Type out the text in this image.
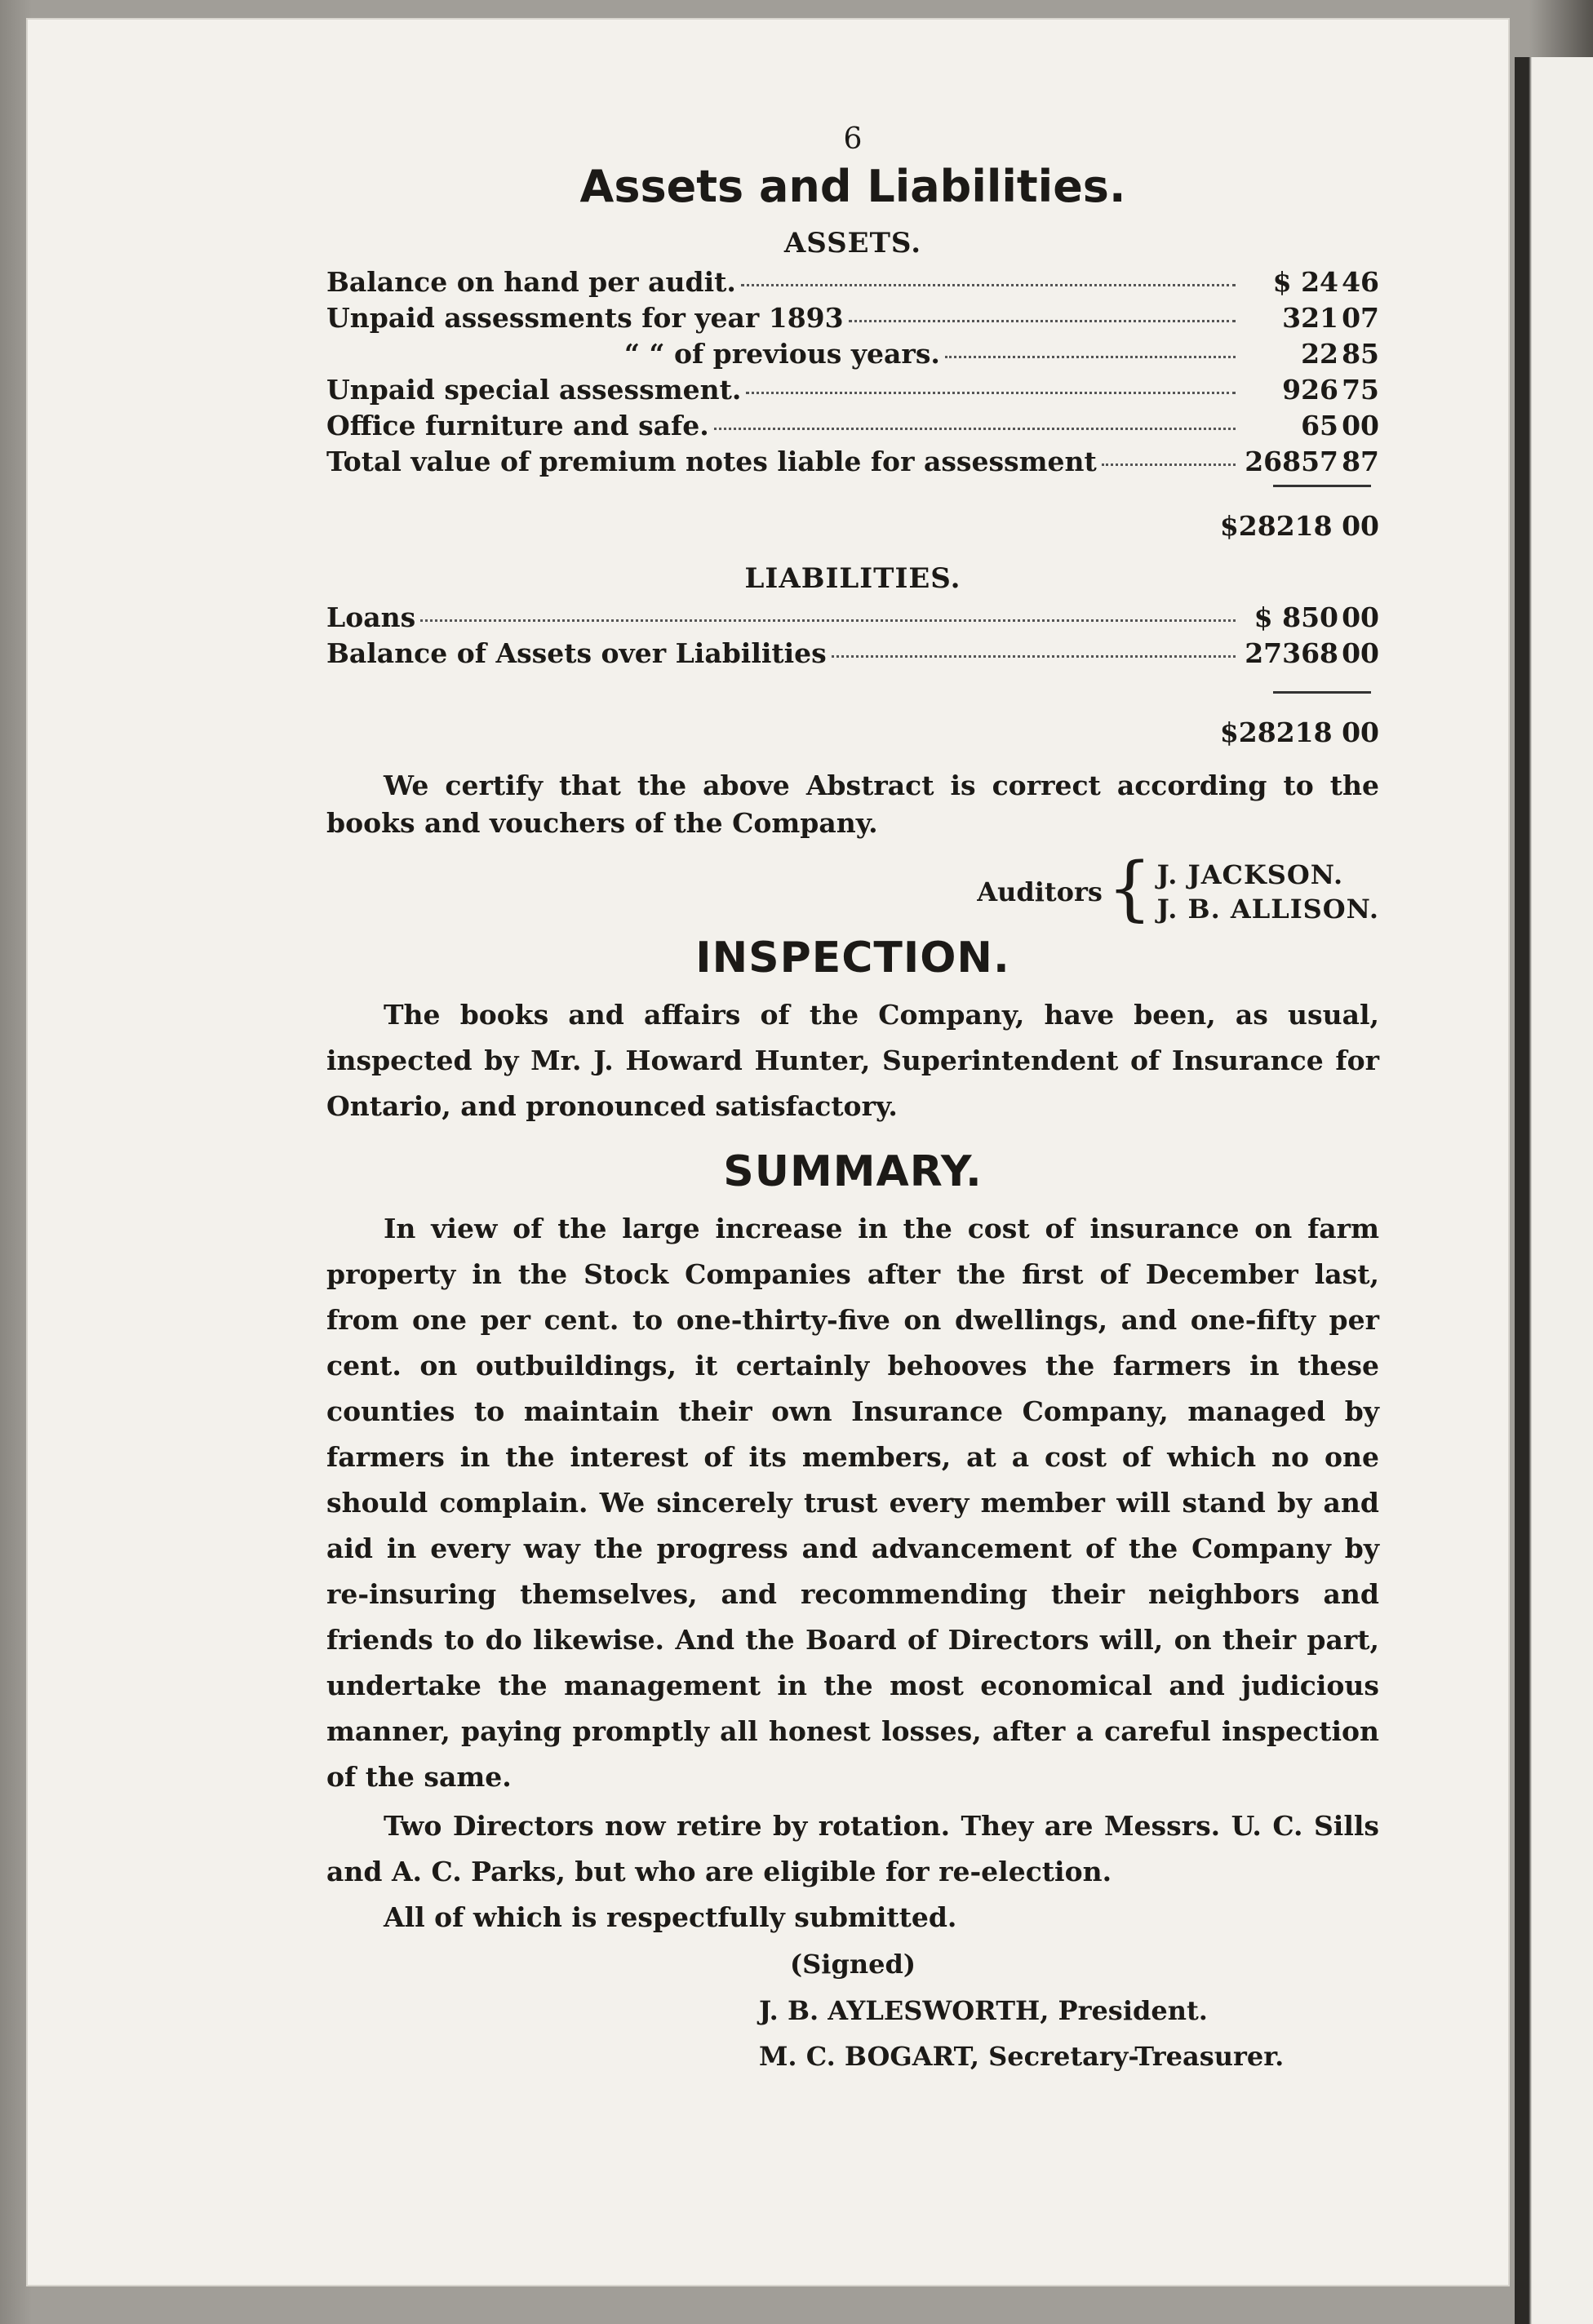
6
Assets and Liabilities.
ASSETS.
Balance on hand per audit.	$ 24 46
Unpaid assessments for year 1893	321 07
“ “ of previous years.	22 85
Unpaid special assessment.	926 75
Office furniture and safe.	65 00
Total value of premium notes liable for assessment	26857 87
$28218 00
LIABILITIES.
Loans	$ 850 00
Balance of Assets over Liabilities	27368 00
$28218 00

We certify that the above Abstract is correct according to the books and vouchers of the Company.

Auditors { J. JACKSON.
J. B. ALLISON.
INSPECTION.

The books and affairs of the Company, have been, as usual, inspected by Mr. J. Howard Hunter, Superintendent of Insurance for Ontario, and pronounced satisfactory.

SUMMARY.

In view of the large increase in the cost of insurance on farm property in the Stock Companies after the first of December last, from one per cent. to one-thirty-five on dwellings, and one-fifty per cent. on outbuildings, it certainly behooves the farmers in these counties to maintain their own Insurance Company, managed by farmers in the interest of its members, at a cost of which no one should complain. We sincerely trust every member will stand by and aid in every way the progress and advancement of the Company by re-insuring themselves, and recommending their neighbors and friends to do likewise. And the Board of Directors will, on their part, undertake the management in the most economical and judicious manner, paying promptly all honest losses, after a careful inspection of the same.

Two Directors now retire by rotation. They are Messrs. U. C. Sills and A. C. Parks, but who are eligible for re-election.

All of which is respectfully submitted.

(Signed)
J. B. AYLESWORTH, President.
M. C. BOGART, Secretary-Treasurer.
